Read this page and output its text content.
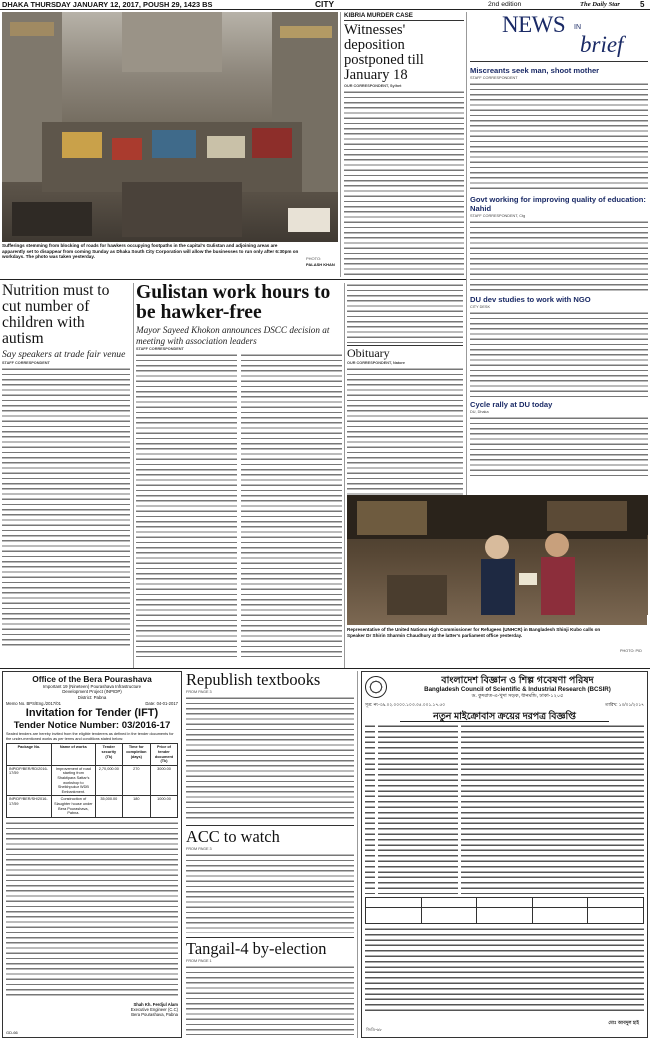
DHAKA THURSDAY JANUARY 12, 2017, POUSH 29, 1423 BS	CITY	2nd edition	The Daily Star	5
Sufferings stemming from blocking of roads for hawkers occupying footpaths in the capital's Gulistan and adjoining areas are apparently set to disappear from coming Sunday as Dhaka South City Corporation will allow the businesses to run only after 6:30pm on workdays. The photo was taken yesterday.	PHOTO:
PALASH KHAN
KIBRIA MURDER CASE
Witnesses' deposition postponed till January 18
OUR CORRESPONDENT, Sylhet
NEWS IN
brief
Miscreants seek man, shoot mother
STAFF CORRESPONDENT
Govt working for improving quality of education: Nahid
STAFF CORRESPONDENT, Ctg
DU dev studies to work with NGO
CITY DESK
Cycle rally at DU today
DU, Dhaka
Nutrition must to cut number of children with autism
Say speakers at trade fair venue
STAFF CORRESPONDENT
Gulistan work hours to be hawker-free
Mayor Sayeed Khokon announces DSCC decision at meeting with association leaders
STAFF CORRESPONDENT	Obituary
OUR CORRESPONDENT, Natore
Representative of the United Nations High Commissioner for Refugees (UNHCR) in Bangladesh Shinji Kubo calls on Speaker Dr Shirin Sharmin Chaudhury at the latter's parliament office yesterday.
PHOTO: PID
Office of the Bera Pourashava
Important 19 (Nineteen) Pourashava Infrastructure
Development Project (INPIDP)
District: Pabna
Memo No. BPS/Eng./2017/01	Date: 04-01-2017
Invitation for Tender (IFT)
Tender Notice Number: 03/2016-17
Sealed tenders are hereby invited from the eligible tenderers as defined in the tender documents for the under-mentioned works as per terms and conditions stated below:
Package No.	Name of works	Tender security (Tk)	Time for completion (days)	Price of tender document (Tk)
INPIDP/BER/RD/2016-17/59	Improvement of road starting from Shaktipara Sattar's workshop to Sheikhpukur WDB Embankment.	2,70,000.00	270	3000.00
INPIDP/BER/SH/2016-17/59	Construction of Slaughter house under Bera Pourashava, Pabna.	35,000.00	180	1000.00
Shah Kh. Ferdjul Alam
Executive Engineer (C.C)
Bera Pourashava, Pabna
GD-66
Republish textbooks
FROM PAGE 3
ACC to watch
FROM PAGE 3
Tangail-4 by-election
FROM PAGE 1
বাংলাদেশ বিজ্ঞান ও শিল্প গবেষণা পরিষদ
Bangladesh Council of Scientific & Industrial Research (BCSIR)
ড. কুদরাত-এ-খুদা সড়ক, ধানমন্ডি, ঢাকা-১২০৫
সূত্র: নং-৩৯.০২.০০০০.১০৩.৩৫.০০১.১৭.৫০	তারিখ: ১০/০১/২০১৭
নতুন মাইক্রোবাস ক্রয়ের দরপত্র বিজ্ঞপ্তি

মোঃ আবদুল হাই
জিডি-৬৮
